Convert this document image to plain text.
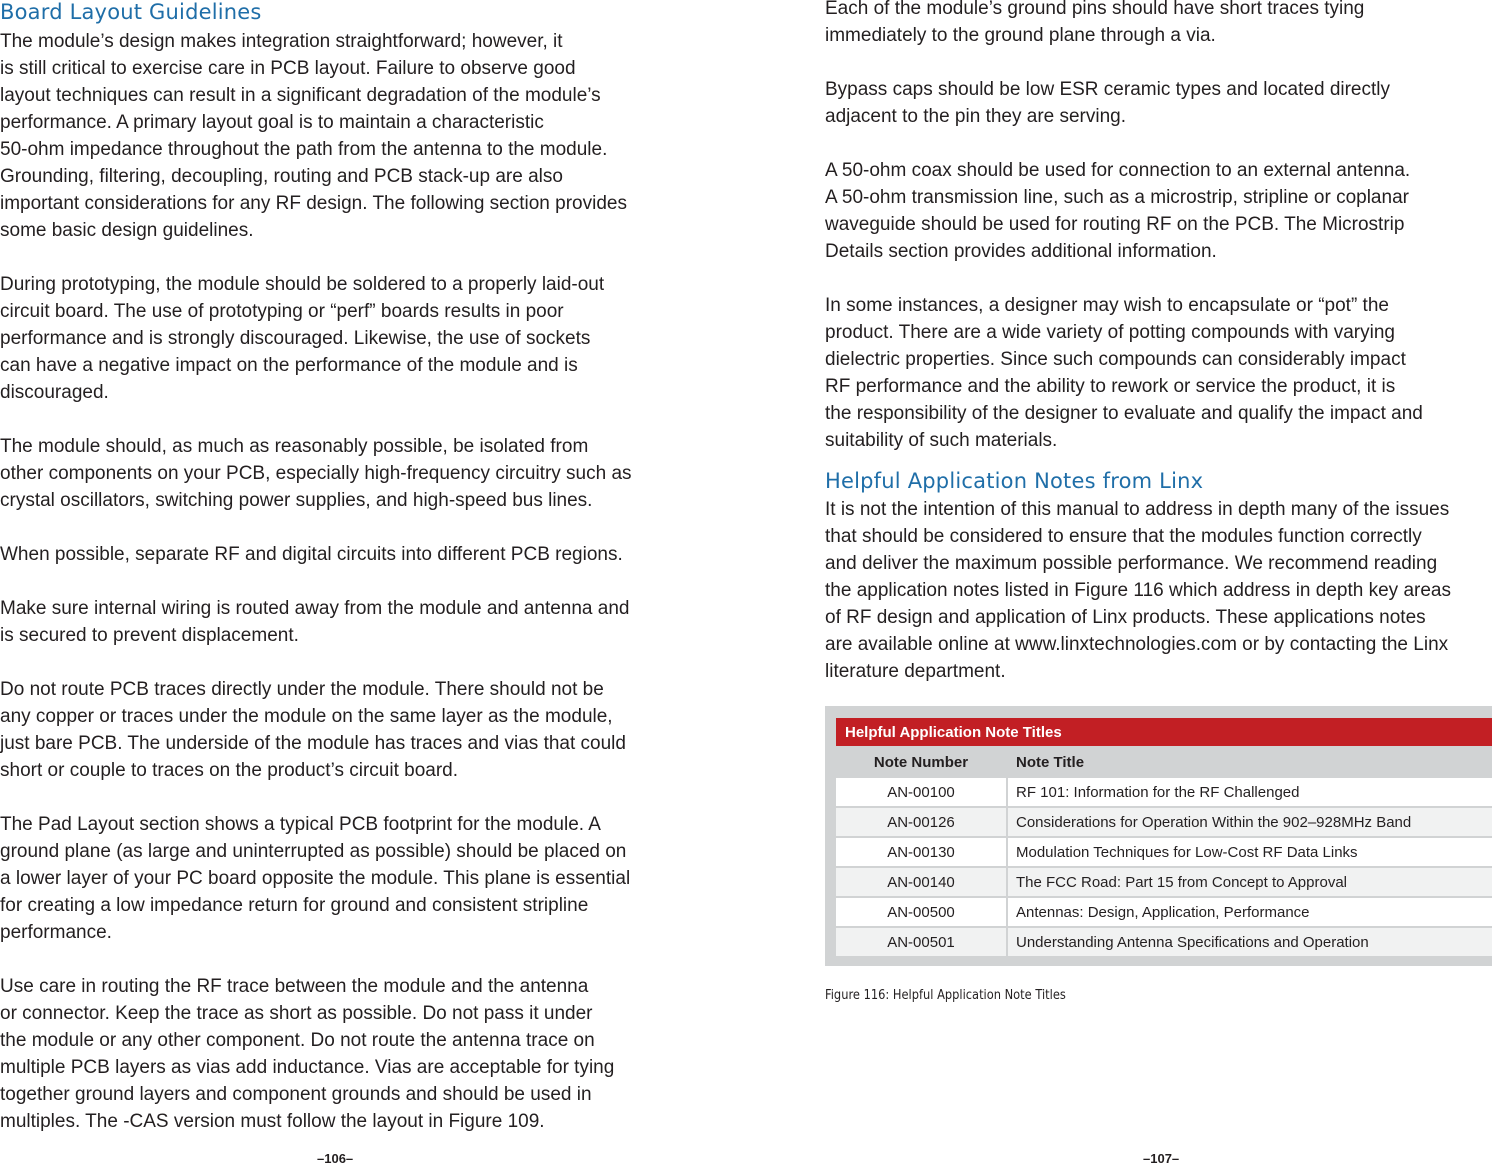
Board Layout Guidelines

The module’s design makes integration straightforward; however, it
is still critical to exercise care in PCB layout. Failure to observe good
layout techniques can result in a significant degradation of the module’s
performance. A primary layout goal is to maintain a characteristic
50-ohm impedance throughout the path from the antenna to the module.
Grounding, filtering, decoupling, routing and PCB stack-up are also
important considerations for any RF design. The following section provides
some basic design guidelines.

During prototyping, the module should be soldered to a properly laid-out
circuit board. The use of prototyping or “perf” boards results in poor
performance and is strongly discouraged. Likewise, the use of sockets
can have a negative impact on the performance of the module and is
discouraged.

The module should, as much as reasonably possible, be isolated from
other components on your PCB, especially high-frequency circuitry such as
crystal oscillators, switching power supplies, and high-speed bus lines.

When possible, separate RF and digital circuits into different PCB regions.

Make sure internal wiring is routed away from the module and antenna and
is secured to prevent displacement.

Do not route PCB traces directly under the module. There should not be
any copper or traces under the module on the same layer as the module,
just bare PCB. The underside of the module has traces and vias that could
short or couple to traces on the product’s circuit board.

The Pad Layout section shows a typical PCB footprint for the module. A
ground plane (as large and uninterrupted as possible) should be placed on
a lower layer of your PC board opposite the module. This plane is essential
for creating a low impedance return for ground and consistent stripline
performance.

Use care in routing the RF trace between the module and the antenna
or connector. Keep the trace as short as possible. Do not pass it under
the module or any other component. Do not route the antenna trace on
multiple PCB layers as vias add inductance. Vias are acceptable for tying
together ground layers and component grounds and should be used in
multiples. The -CAS version must follow the layout in Figure 109.

–106–

Each of the module’s ground pins should have short traces tying
immediately to the ground plane through a via.

Bypass caps should be low ESR ceramic types and located directly
adjacent to the pin they are serving.

A 50-ohm coax should be used for connection to an external antenna.
A 50-ohm transmission line, such as a microstrip, stripline or coplanar
waveguide should be used for routing RF on the PCB. The Microstrip
Details section provides additional information.

In some instances, a designer may wish to encapsulate or “pot” the
product. There are a wide variety of potting compounds with varying
dielectric properties. Since such compounds can considerably impact
RF performance and the ability to rework or service the product, it is
the responsibility of the designer to evaluate and qualify the impact and
suitability of such materials.

Helpful Application Notes from Linx

It is not the intention of this manual to address in depth many of the issues
that should be considered to ensure that the modules function correctly
and deliver the maximum possible performance. We recommend reading
the application notes listed in Figure 116 which address in depth key areas
of RF design and application of Linx products. These applications notes
are available online at www.linxtechnologies.com or by contacting the Linx
literature department.

Helpful Application Note Titles	
Note Number	Note Title
AN-00100	RF 101: Information for the RF Challenged
AN-00126	Considerations for Operation Within the 902–928MHz Band
AN-00130	Modulation Techniques for Low-Cost RF Data Links
AN-00140	The FCC Road: Part 15 from Concept to Approval
AN-00500	Antennas: Design, Application, Performance
AN-00501	Understanding Antenna Specifications and Operation

Figure 116: Helpful Application Note Titles

–107–
